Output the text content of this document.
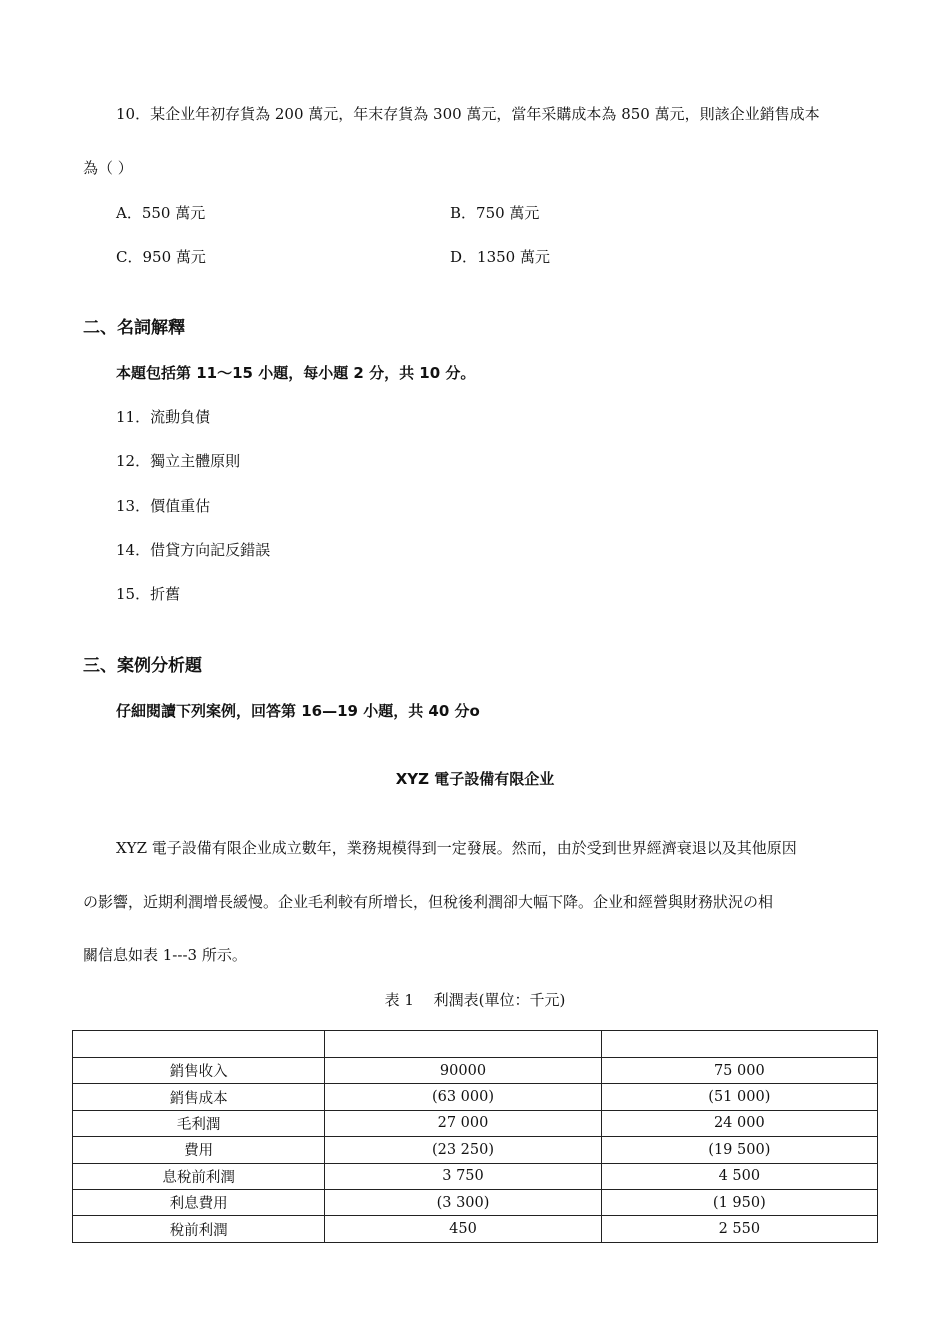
10．某企业年初存貨為 200 萬元，年末存貨為 300 萬元，當年采購成本為 850 萬元，則該企业銷售成本
為（ ）
A．550 萬元	B．750 萬元
C．950 萬元	D．1350 萬元
二、名詞解釋
本題包括第 11～15 小題，每小題 2 分，共 10 分。
11．流動負債
12．獨立主體原則
13．價值重估
14．借貸方向記反錯誤
15．折舊
三、案例分析題
仔細閱讀下列案例，回答第 16—19 小題，共 40 分o
XYZ 電子設備有限企业
XYZ 電子設備有限企业成立數年，業務規模得到一定發展。然而，由於受到世界經濟衰退以及其他原因
の影響，近期利潤增長緩慢。企业毛利較有所增长，但稅後利潤卻大幅下降。企业和經營與財務狀況の相
關信息如表 1---3 所示。
表 1　 利潤表(單位：千元)

銷售收入	90000	75 000
銷售成本	(63 000)	(51 000)
毛利潤	27 000	24 000
費用	(23 250)	(19 500)
息稅前利潤	3 750	4 500
利息費用	(3 300)	(1 950)
稅前利潤	450	2 550
